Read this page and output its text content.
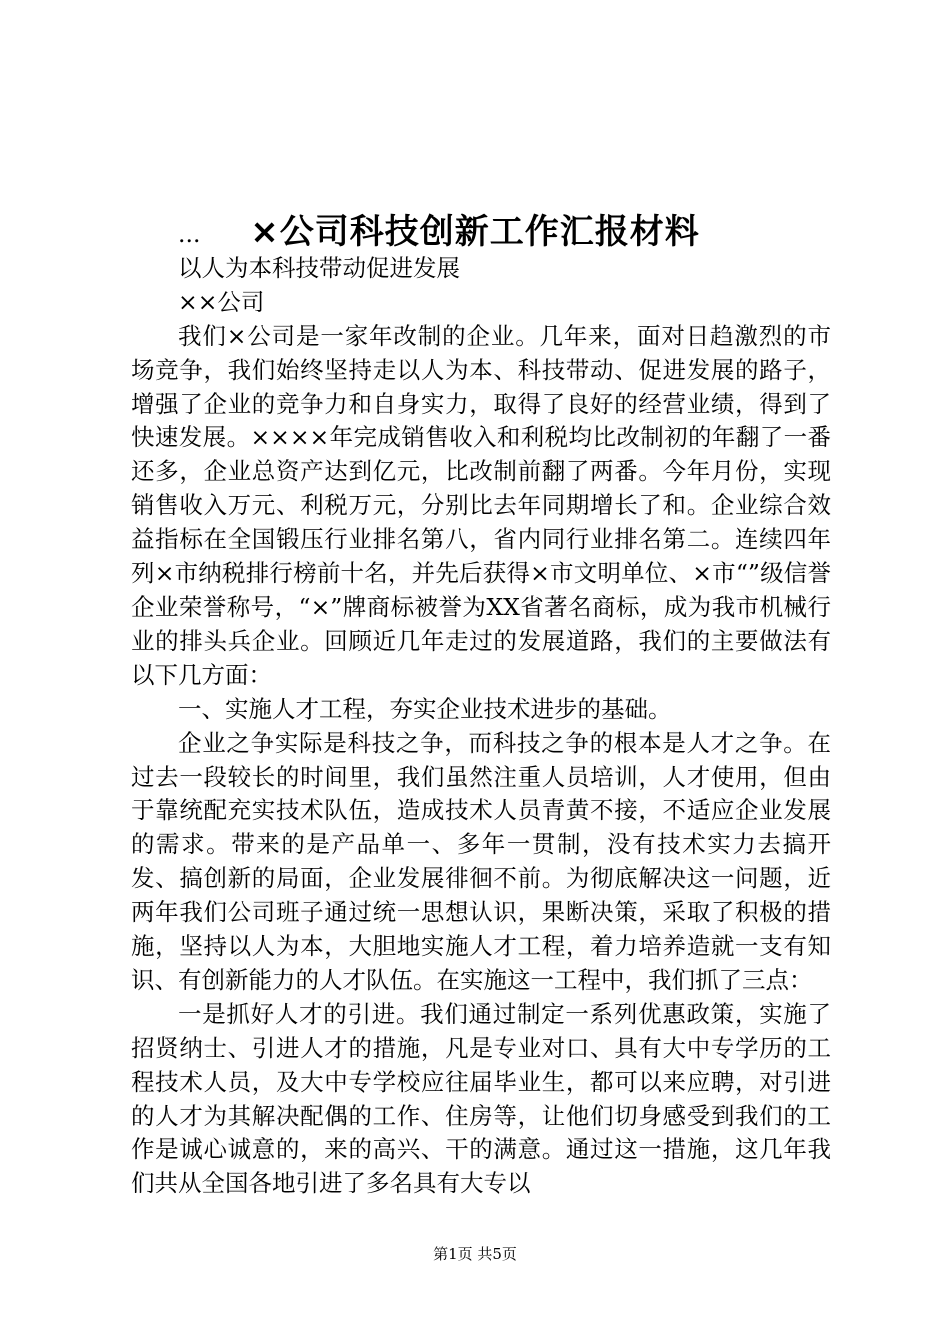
×公司科技创新工作汇报材料

...

以人为本科技带动促进发展

××公司

我们×公司是一家年改制的企业。几年来，面对日趋激烈的市场竞争，我们始终坚持走以人为本、科技带动、促进发展的路子，增强了企业的竞争力和自身实力，取得了良好的经营业绩，得到了快速发展。××××年完成销售收入和利税均比改制初的年翻了一番还多，企业总资产达到亿元，比改制前翻了两番。今年月份，实现销售收入万元、利税万元，分别比去年同期增长了和。企业综合效益指标在全国锻压行业排名第八，省内同行业排名第二。连续四年列×市纳税排行榜前十名，并先后获得×市文明单位、×市“”级信誉企业荣誉称号，“×”牌商标被誉为XX省著名商标，成为我市机械行业的排头兵企业。回顾近几年走过的发展道路，我们的主要做法有以下几方面：

一、实施人才工程，夯实企业技术进步的基础。

企业之争实际是科技之争，而科技之争的根本是人才之争。在过去一段较长的时间里，我们虽然注重人员培训，人才使用，但由于靠统配充实技术队伍，造成技术人员青黄不接，不适应企业发展的需求。带来的是产品单一、多年一贯制，没有技术实力去搞开发、搞创新的局面，企业发展徘徊不前。为彻底解决这一问题，近两年我们公司班子通过统一思想认识，果断决策，采取了积极的措施，坚持以人为本，大胆地实施人才工程，着力培养造就一支有知识、有创新能力的人才队伍。在实施这一工程中，我们抓了三点：

一是抓好人才的引进。我们通过制定一系列优惠政策，实施了招贤纳士、引进人才的措施，凡是专业对口、具有大中专学历的工程技术人员，及大中专学校应往届毕业生，都可以来应聘，对引进的人才为其解决配偶的工作、住房等，让他们切身感受到我们的工作是诚心诚意的，来的高兴、干的满意。通过这一措施，这几年我们共从全国各地引进了多名具有大专以

第1页 共5页
